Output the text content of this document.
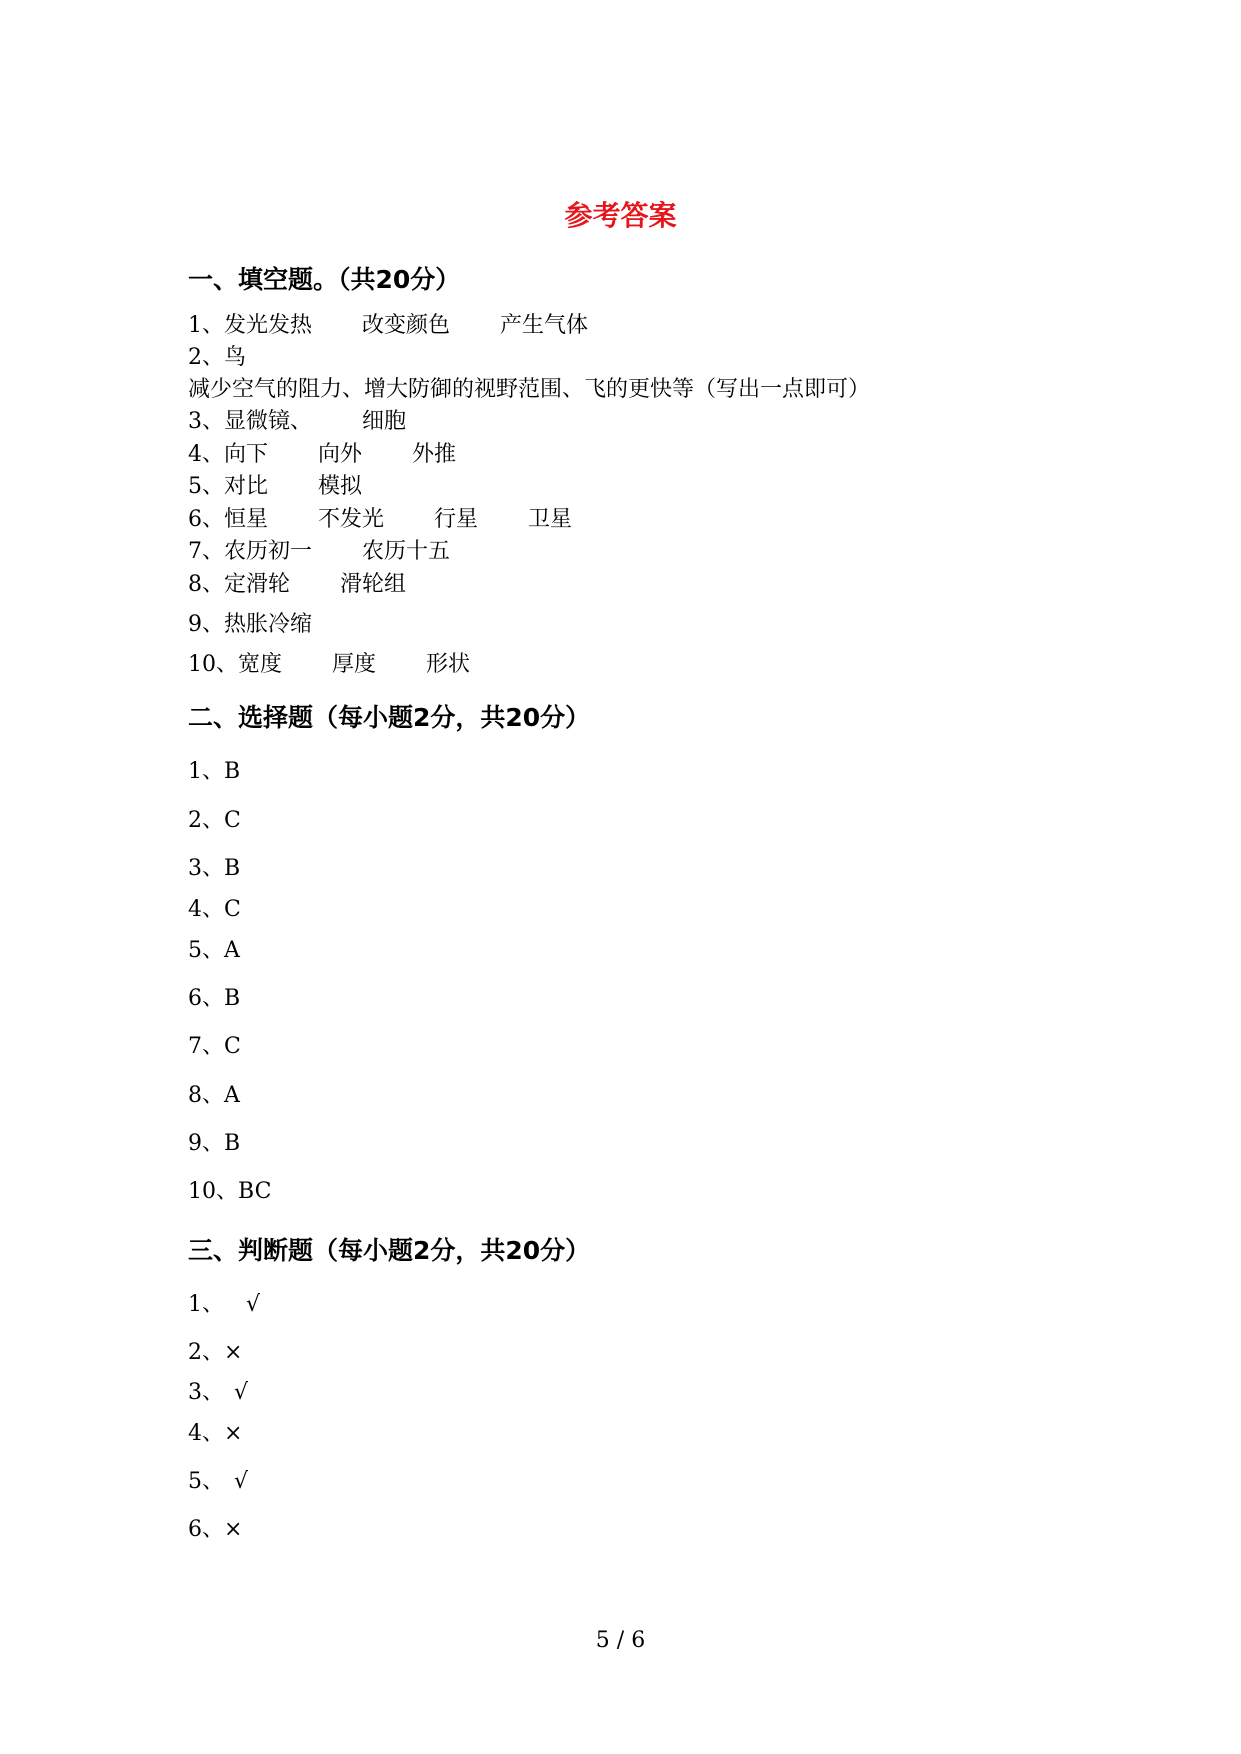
参考答案
一、填空题。（共20分）
1、 发光发热 改变颜色 产生气体
2、 鸟
减少空气的阻力、增大防御的视野范围、飞的更快等（写出一点即可）
3、 显微镜、 细胞
4、 向下 向外 外推
5、 对比 模拟
6、 恒星 不发光 行星 卫星
7、 农历初一 农历十五
8、 定滑轮 滑轮组
9、 热胀冷缩
10、 宽度 厚度 形状
二、选择题（每小题2分，共20分）
1、 B
2、 C
3、 B
4、 C
5、 A
6、 B
7、 C
8、 A
9、 B
10、 BC
三、判断题（每小题2分，共20分）
1、 √
2、 ×
3、 √
4、 ×
5、 √
6、 ×
5 / 6
